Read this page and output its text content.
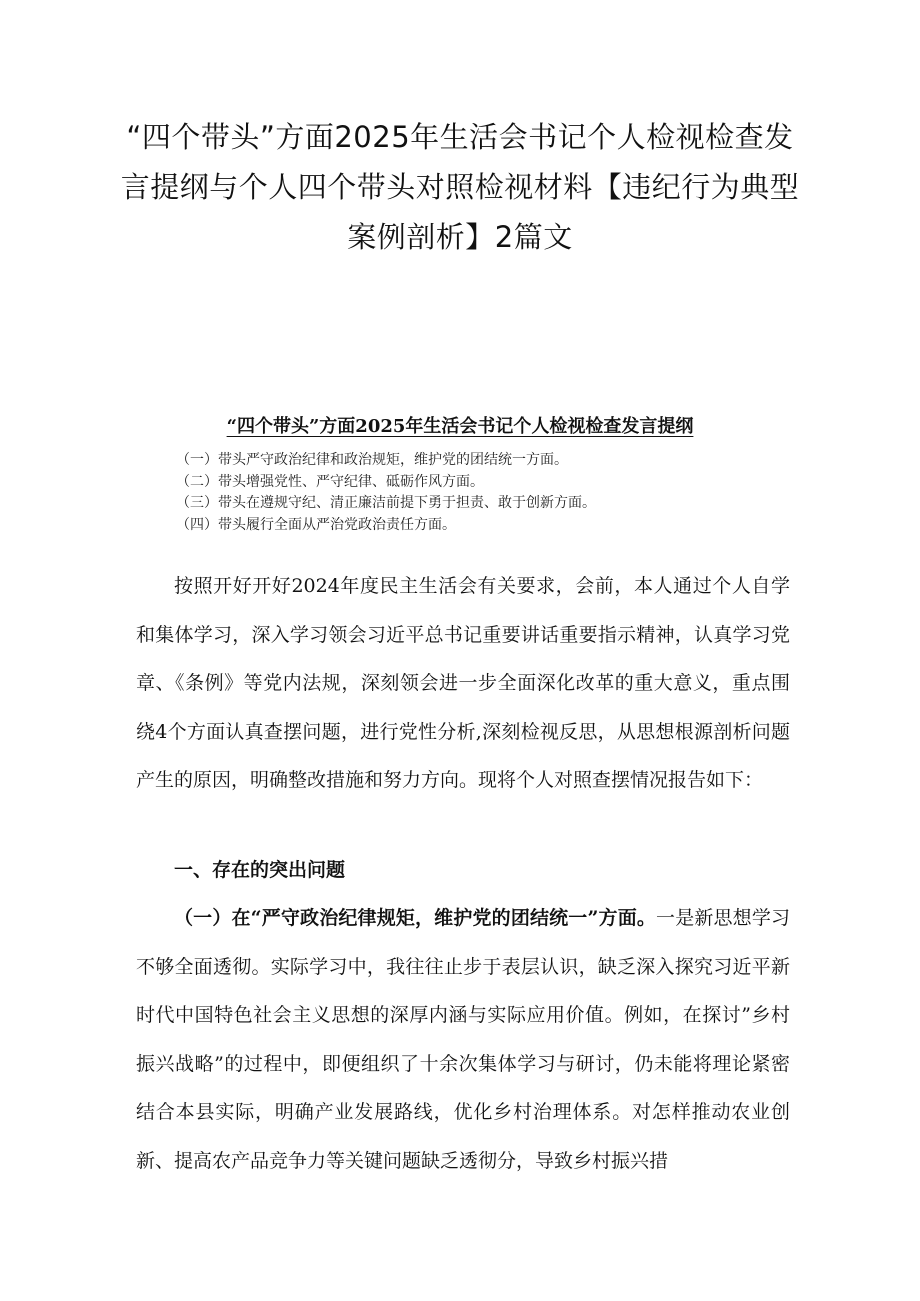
“四个带头”方面2025年生活会书记个人检视检查发言提纲与个人四个带头对照检视材料【违纪行为典型案例剖析】2篇文
“四个带头”方面2025年生活会书记个人检视检查发言提纲
（一）带头严守政治纪律和政治规矩，维护党的团结统一方面。
（二）带头增强党性、严守纪律、砥砺作风方面。
（三）带头在遵规守纪、清正廉洁前提下勇于担责、敢于创新方面。
（四）带头履行全面从严治党政治责任方面。

按照开好开好2024年度民主生活会有关要求，会前，本人通过个人自学和集体学习，深入学习领会习近平总书记重要讲话重要指示精神，认真学习党章、《条例》等党内法规，深刻领会进一步全面深化改革的重大意义，重点围绕4个方面认真查摆问题，进行党性分析,深刻检视反思，从思想根源剖析问题产生的原因，明确整改措施和努力方向。现将个人对照查摆情况报告如下：

一、存在的突出问题

（一）在“严守政治纪律规矩，维护党的团结统一”方面。一是新思想学习不够全面透彻。实际学习中，我往往止步于表层认识，缺乏深入探究习近平新时代中国特色社会主义思想的深厚内涵与实际应用价值。例如，在探讨”乡村振兴战略”的过程中，即便组织了十余次集体学习与研讨，仍未能将理论紧密结合本县实际，明确产业发展路线，优化乡村治理体系。对怎样推动农业创新、提高农产品竞争力等关键问题缺乏透彻分，导致乡村振兴措
